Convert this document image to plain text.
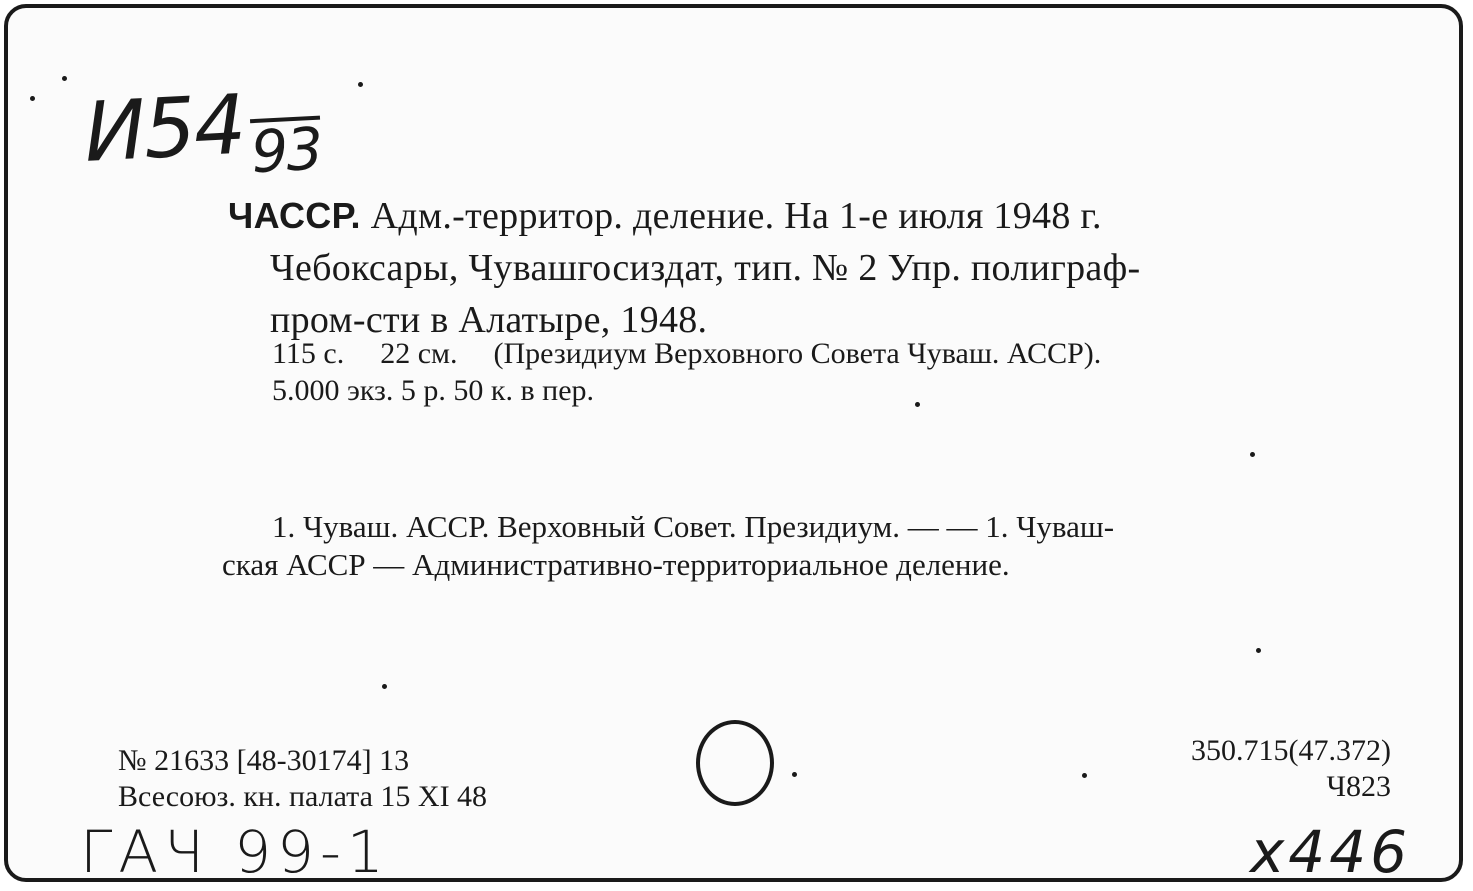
И5493
ЧАССР. Адм.-территор. деление. На 1-е июля 1948 г.
Чебоксары, Чувашгосиздат, тип. № 2 Упр. полиграф-
пром-сти в Алатыре, 1948.
115 с. 22 см. (Президиум Верховного Совета Чуваш. АССР).
5.000 экз. 5 р. 50 к. в пер.
1. Чуваш. АССР. Верховный Совет. Президиум. — — 1. Чуваш-
ская АССР — Административно-территориальное деление.
№ 21633 [48-30174] 13
Всесоюз. кн. палата 15 XI 48
350.715(47.372)
Ч823
ГАЧ 99-1	х446
